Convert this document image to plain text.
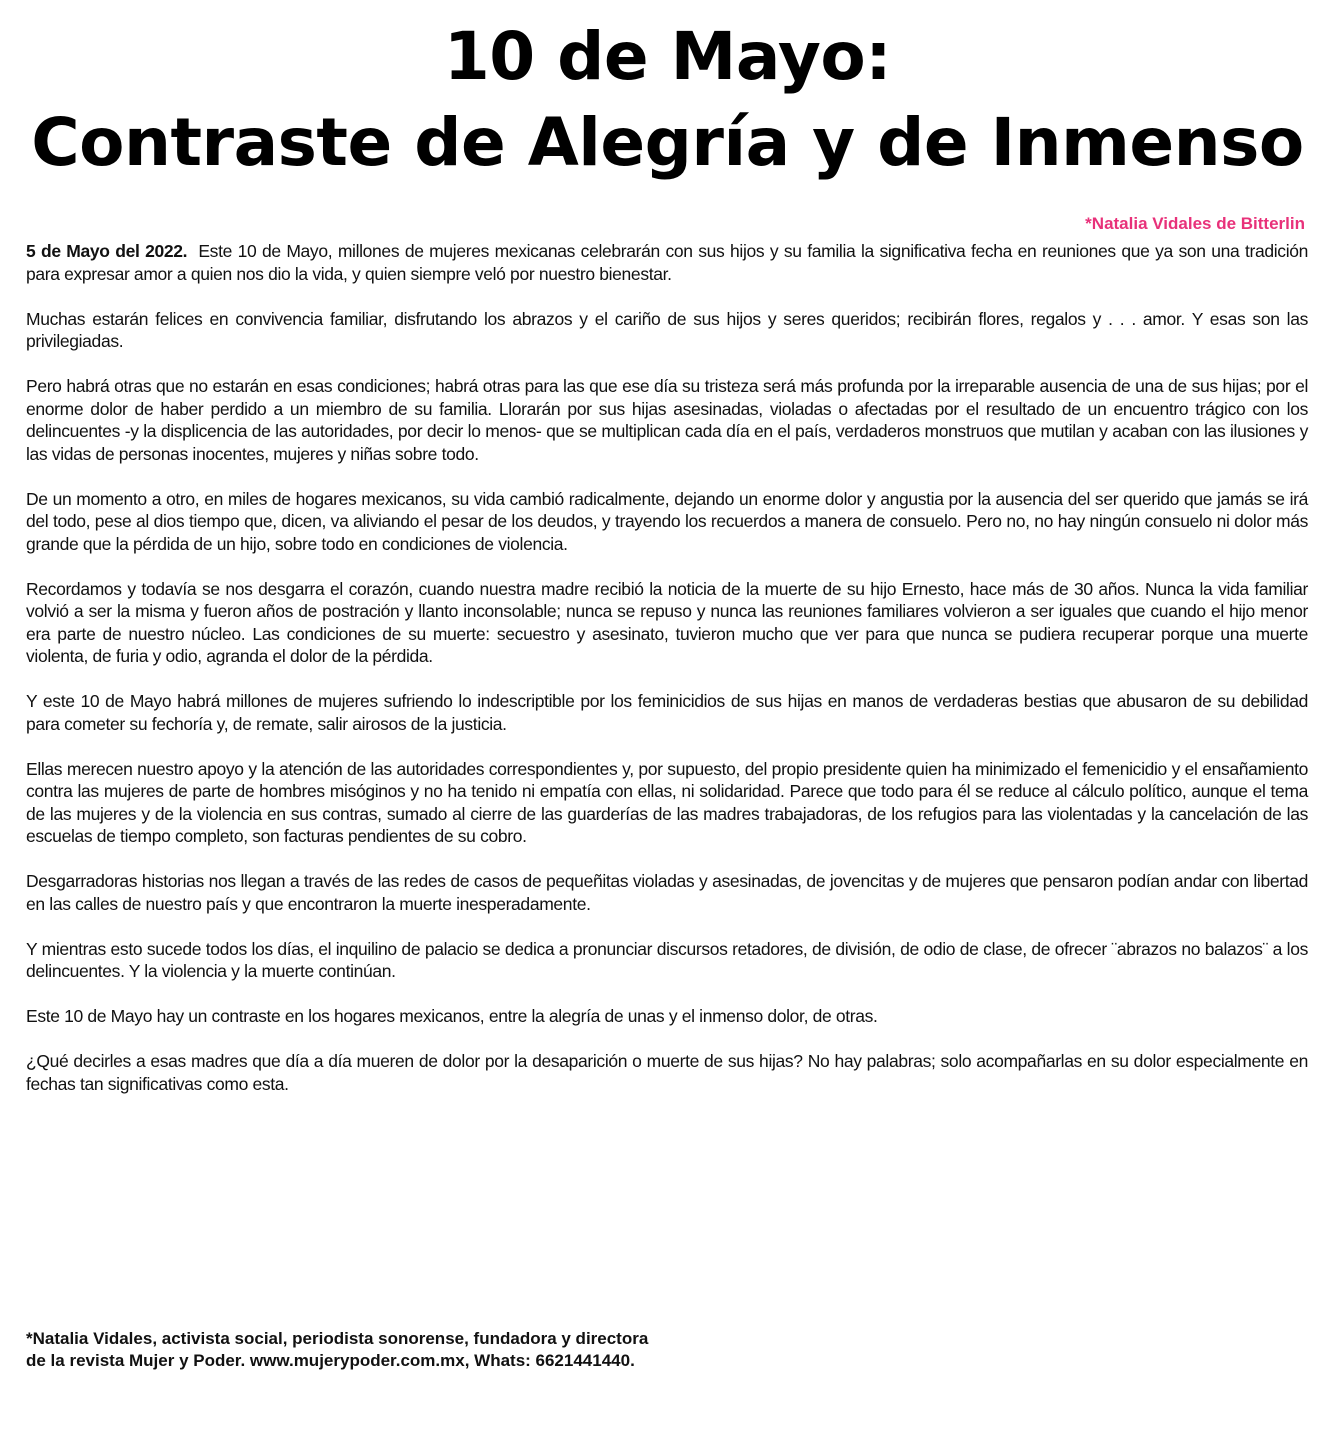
10 de Mayo:
Contraste de Alegría y de Inmenso
*Natalia Vidales de Bitterlin

5 de Mayo del 2022. Este 10 de Mayo, millones de mujeres mexicanas celebrarán con sus hijos y su familia la significativa fecha en reuniones que ya son una tradición para expresar amor a quien nos dio la vida, y quien siempre veló por nuestro bienestar.

Muchas estarán felices en convivencia familiar, disfrutando los abrazos y el cariño de sus hijos y seres queridos; recibirán flores, regalos y . . . amor. Y esas son las privilegiadas.

Pero habrá otras que no estarán en esas condiciones; habrá otras para las que ese día su tristeza será más profunda por la irreparable ausencia de una de sus hijas; por el enorme dolor de haber perdido a un miembro de su familia. Llorarán por sus hijas asesinadas, violadas o afectadas por el resultado de un encuentro trágico con los delincuentes -y la displicencia de las autoridades, por decir lo menos- que se multiplican cada día en el país, verdaderos monstruos que mutilan y acaban con las ilusiones y las vidas de personas inocentes, mujeres y niñas sobre todo.

De un momento a otro, en miles de hogares mexicanos, su vida cambió radicalmente, dejando un enorme dolor y angustia por la ausencia del ser querido que jamás se irá del todo, pese al dios tiempo que, dicen, va aliviando el pesar de los deudos, y trayendo los recuerdos a manera de consuelo. Pero no, no hay ningún consuelo ni dolor más grande que la pérdida de un hijo, sobre todo en condiciones de violencia.

Recordamos y todavía se nos desgarra el corazón, cuando nuestra madre recibió la noticia de la muerte de su hijo Ernesto, hace más de 30 años. Nunca la vida familiar volvió a ser la misma y fueron años de postración y llanto inconsolable; nunca se repuso y nunca las reuniones familiares volvieron a ser iguales que cuando el hijo menor era parte de nuestro núcleo. Las condiciones de su muerte: secuestro y asesinato, tuvieron mucho que ver para que nunca se pudiera recuperar porque una muerte violenta, de furia y odio, agranda el dolor de la pérdida.

Y este 10 de Mayo habrá millones de mujeres sufriendo lo indescriptible por los feminicidios de sus hijas en manos de verdaderas bestias que abusaron de su debilidad para cometer su fechoría y, de remate, salir airosos de la justicia.

Ellas merecen nuestro apoyo y la atención de las autoridades correspondientes y, por supuesto, del propio presidente quien ha minimizado el femenicidio y el ensañamiento contra las mujeres de parte de hombres misóginos y no ha tenido ni empatía con ellas, ni solidaridad. Parece que todo para él se reduce al cálculo político, aunque el tema de las mujeres y de la violencia en sus contras, sumado al cierre de las guarderías de las madres trabajadoras, de los refugios para las violentadas y la cancelación de las escuelas de tiempo completo, son facturas pendientes de su cobro.

Desgarradoras historias nos llegan a través de las redes de casos de pequeñitas violadas y asesinadas, de jovencitas y de mujeres que pensaron podían andar con libertad en las calles de nuestro país y que encontraron la muerte inesperadamente.

Y mientras esto sucede todos los días, el inquilino de palacio se dedica a pronunciar discursos retadores, de división, de odio de clase, de ofrecer ¨abrazos no balazos¨ a los delincuentes. Y la violencia y la muerte continúan.

Este 10 de Mayo hay un contraste en los hogares mexicanos, entre la alegría de unas y el inmenso dolor, de otras.

¿Qué decirles a esas madres que día a día mueren de dolor por la desaparición o muerte de sus hijas? No hay palabras; solo acompañarlas en su dolor especialmente en fechas tan significativas como esta.

*Natalia Vidales, activista social, periodista sonorense, fundadora y directora
de la revista Mujer y Poder. www.mujerypoder.com.mx, Whats: 6621441440.
